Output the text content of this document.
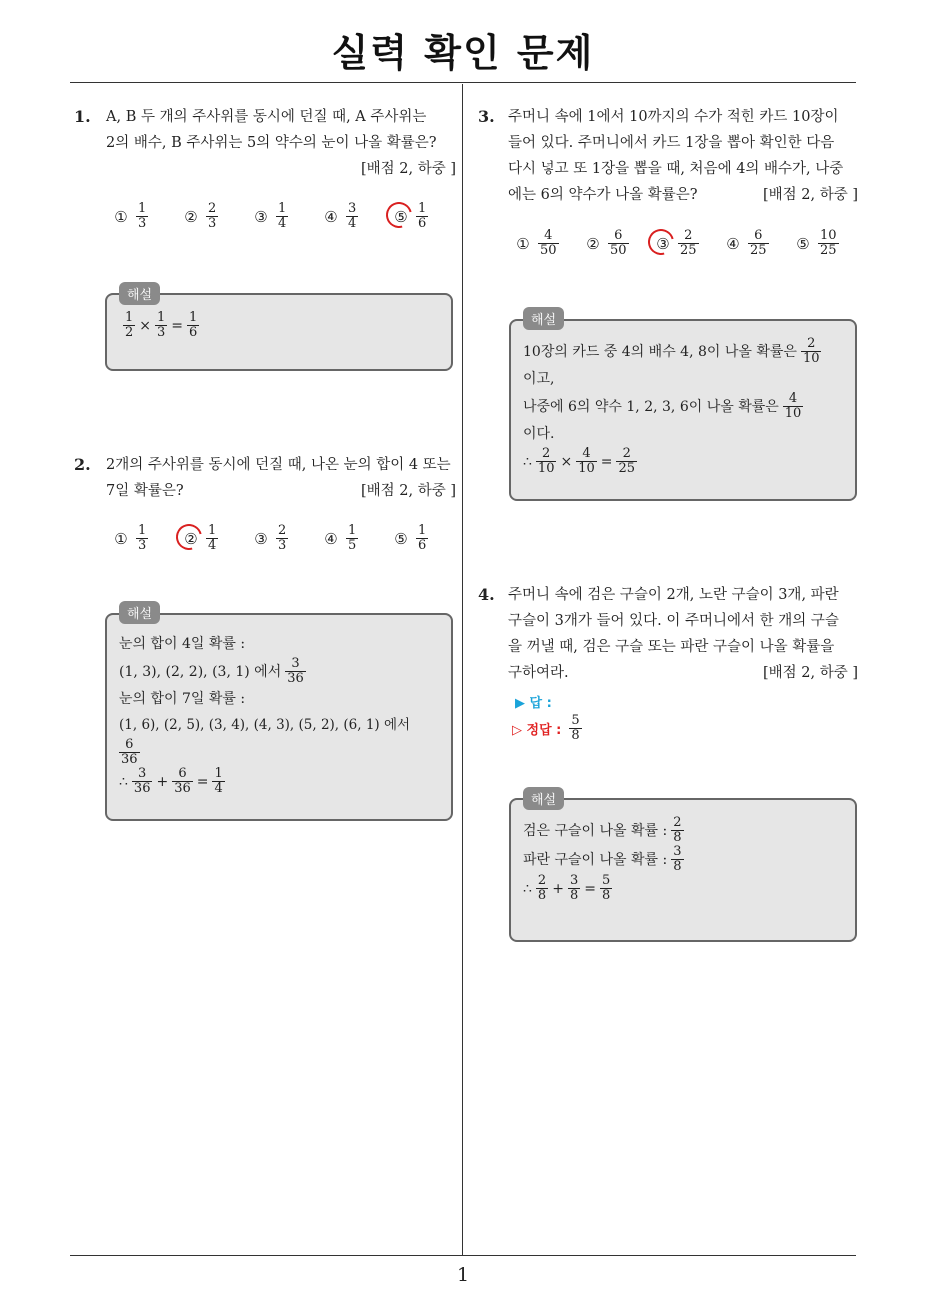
실력 확인 문제
1. A, B 두 개의 주사위를 동시에 던질 때, A 주사위는
2의 배수, B 주사위는 5의 약수의 눈이 나올 확률은?
[배점 2, 하중 ]
① $\frac{1}{3}$ ② $\frac{2}{3}$ ③ $\frac{1}{4}$ ④ $\frac{3}{4}$ ⑤ $\frac{1}{6}$
$\frac{1}{2} \times \frac{1}{3} = \frac{1}{6}$
해설
2. 2개의 주사위를 동시에 던질 때, 나온 눈의 합이 4 또는
7일 확률은?	[배점 2, 하중 ]
① $\frac{1}{3}$ ② $\frac{1}{4}$ ③ $\frac{2}{3}$ ④ $\frac{1}{5}$ ⑤ $\frac{1}{6}$
눈의 합이 4일 확률 :
(1, 3), (2, 2), (3, 1) 에서 $\frac{3}{36}$
눈의 합이 7일 확률 :
(1, 6), (2, 5), (3, 4), (4, 3), (5, 2), (6, 1) 에서
$\frac{6}{36}$
∴ $\frac{3}{36} + \frac{6}{36} = \frac{1}{4}$
해설
3. 주머니 속에 1에서 10까지의 수가 적힌 카드 10장이
들어 있다. 주머니에서 카드 1장을 뽑아 확인한 다음
다시 넣고 또 1장을 뽑을 때, 처음에 4의 배수가, 나중
에는 6의 약수가 나올 확률은?	[배점 2, 하중 ]
① $\frac{4}{50}$ ② $\frac{6}{50}$ ③ $\frac{2}{25}$ ④ $\frac{6}{25}$ ⑤ $\frac{10}{25}$
10장의 카드 중 4의 배수 4, 8이 나올 확률은 $\frac{2}{10}$
이고,
나중에 6의 약수 1, 2, 3, 6이 나올 확률은 $\frac{4}{10}$
이다.
∴ $\frac{2}{10} \times \frac{4}{10} = \frac{2}{25}$
해설
4. 주머니 속에 검은 구슬이 2개, 노란 구슬이 3개, 파란
구슬이 3개가 들어 있다. 이 주머니에서 한 개의 구슬
을 꺼낼 때, 검은 구슬 또는 파란 구슬이 나올 확률을
구하여라.	[배점 2, 하중 ]
▶ 답 :
▷ 정답 : $\frac{5}{8}$
검은 구슬이 나올 확률 : $\frac{2}{8}$
파란 구슬이 나올 확률 : $\frac{3}{8}$
∴ $\frac{2}{8} + \frac{3}{8} = \frac{5}{8}$
해설
1
